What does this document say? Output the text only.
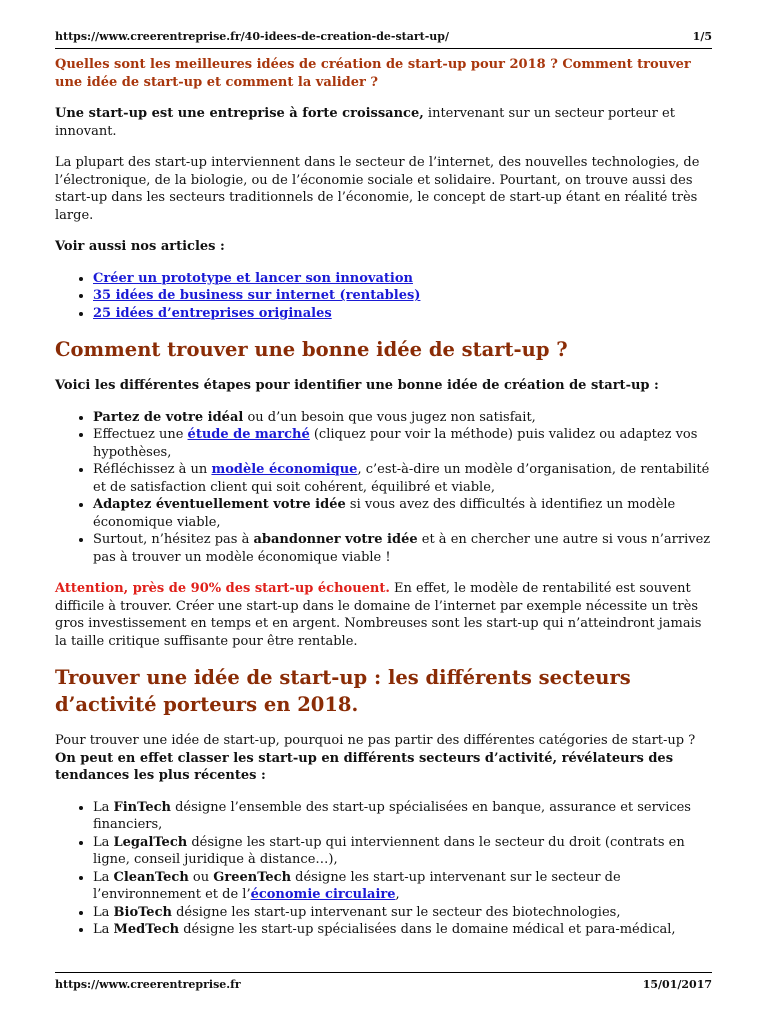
https://www.creerentreprise.fr/40-idees-de-creation-de-start-up/	1/5

Quelles sont les meilleures idées de création de start-up pour 2018 ? Comment trouver une idée de start-up et comment la valider ?

Une start-up est une entreprise à forte croissance, intervenant sur un secteur porteur et innovant.

La plupart des start-up interviennent dans le secteur de l’internet, des nouvelles technologies, de l’électronique, de la biologie, ou de l’économie sociale et solidaire. Pourtant, on trouve aussi des start-up dans les secteurs traditionnels de l’économie, le concept de start-up étant en réalité très large.

Voir aussi nos articles :

• Créer un prototype et lancer son innovation
• 35 idées de business sur internet (rentables)
• 25 idées d’entreprises originales
Comment trouver une bonne idée de start-up ?

Voici les différentes étapes pour identifier une bonne idée de création de start-up :

• Partez de votre idéal ou d’un besoin que vous jugez non satisfait,
• Effectuez une étude de marché (cliquez pour voir la méthode) puis validez ou adaptez vos hypothèses,
• Réfléchissez à un modèle économique, c’est-à-dire un modèle d’organisation, de rentabilité et de satisfaction client qui soit cohérent, équilibré et viable,
• Adaptez éventuellement votre idée si vous avez des difficultés à identifiez un modèle économique viable,
• Surtout, n’hésitez pas à abandonner votre idée et à en chercher une autre si vous n’arrivez pas à trouver un modèle économique viable !

Attention, près de 90% des start-up échouent. En effet, le modèle de rentabilité est souvent difficile à trouver. Créer une start-up dans le domaine de l’internet par exemple nécessite un très gros investissement en temps et en argent. Nombreuses sont les start-up qui n’atteindront jamais la taille critique suffisante pour être rentable.

Trouver une idée de start-up : les différents secteurs d’activité porteurs en 2018.

Pour trouver une idée de start-up, pourquoi ne pas partir des différentes catégories de start-up ? On peut en effet classer les start-up en différents secteurs d’activité, révélateurs des tendances les plus récentes :

• La FinTech désigne l’ensemble des start-up spécialisées en banque, assurance et services financiers,
• La LegalTech désigne les start-up qui interviennent dans le secteur du droit (contrats en ligne, conseil juridique à distance…),
• La CleanTech ou GreenTech désigne les start-up intervenant sur le secteur de l’environnement et de l’économie circulaire,
• La BioTech désigne les start-up intervenant sur le secteur des biotechnologies,
• La MedTech désigne les start-up spécialisées dans le domaine médical et para-médical,
https://www.creerentreprise.fr	15/01/2017
